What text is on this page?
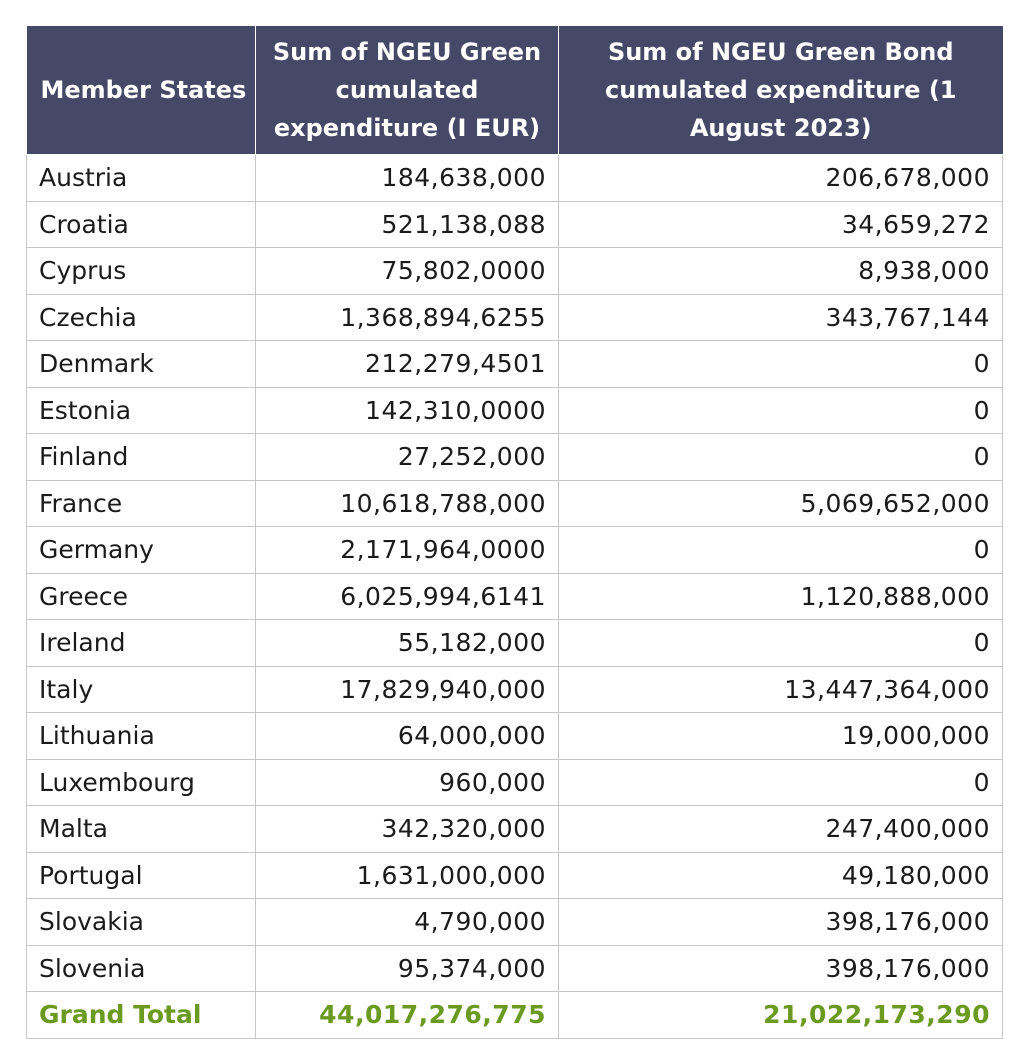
Member States	Sum of NGEU Green cumulated expenditure (I EUR)	Sum of NGEU Green Bond cumulated expenditure (1 August 2023)
Austria	184,638,000	206,678,000
Croatia	521,138,088	34,659,272
Cyprus	75,802,0000	8,938,000
Czechia	1,368,894,6255	343,767,144
Denmark	212,279,4501	0
Estonia	142,310,0000	0
Finland	27,252,000	0
France	10,618,788,000	5,069,652,000
Germany	2,171,964,0000	0
Greece	6,025,994,6141	1,120,888,000
Ireland	55,182,000	0
Italy	17,829,940,000	13,447,364,000
Lithuania	64,000,000	19,000,000
Luxembourg	960,000	0
Malta	342,320,000	247,400,000
Portugal	1,631,000,000	49,180,000
Slovakia	4,790,000	398,176,000
Slovenia	95,374,000	398,176,000
Grand Total	44,017,276,775	21,022,173,290
